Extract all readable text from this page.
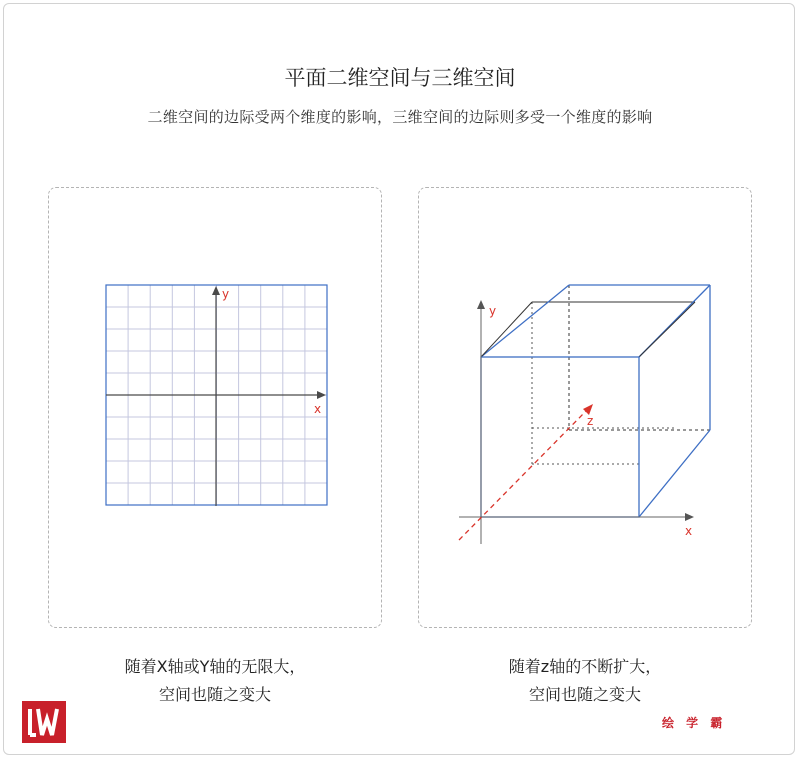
平面二维空间与三维空间
二维空间的边际受两个维度的影响，三维空间的边际则多受一个维度的影响
y
x
y
x
z
随着X轴或Y轴的无限大，
空间也随之变大
随着z轴的不断扩大，
空间也随之变大
绘 学 霸
